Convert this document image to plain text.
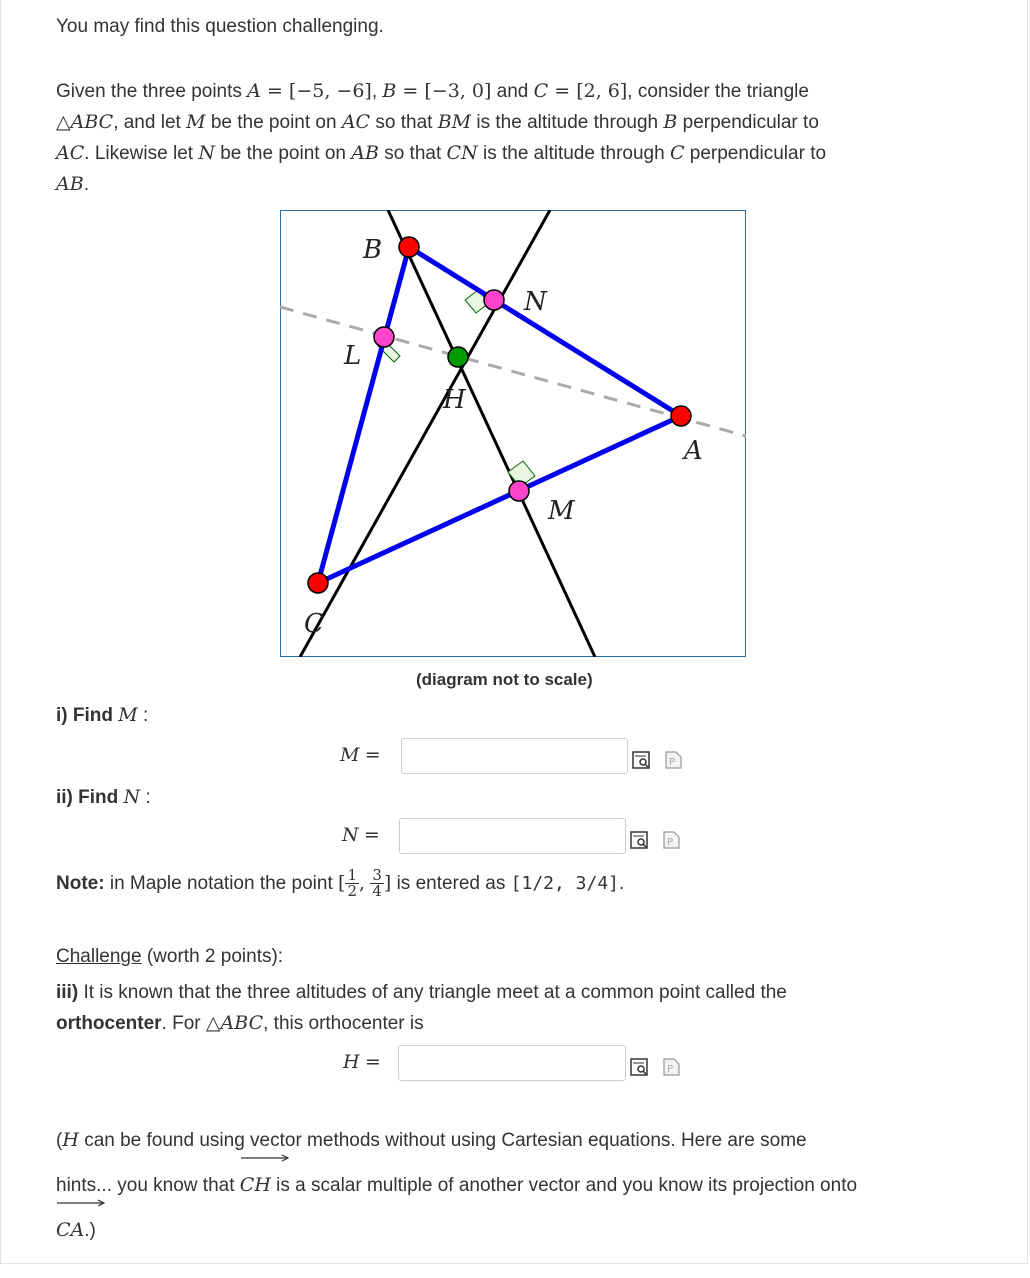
You may find this question challenging.
Given the three points A = [−5, −6], B = [−3, 0] and C = [2, 6], consider the triangle
△ABC, and let M be the point on AC so that BM is the altitude through B perpendicular to
AC. Likewise let N be the point on AB so that CN is the altitude through C perpendicular to
AB.
B
N
L
H
A
M
C
(diagram not to scale)
i) Find M :
M =	P
ii) Find N :
N =	P
Note: in Maple notation the point [ $\frac{1}{2}$ , $\frac{3}{4}$ ] is entered as [1/2, 3/4].
Challenge (worth 2 points):
iii) It is known that the three altitudes of any triangle meet at a common point called the
orthocenter. For △ABC, this orthocenter is
H =	P
(H can be found using vector methods without using Cartesian equations. Here are some
hints... you know that CH is a scalar multiple of another vector and you know its projection onto

CA.)
